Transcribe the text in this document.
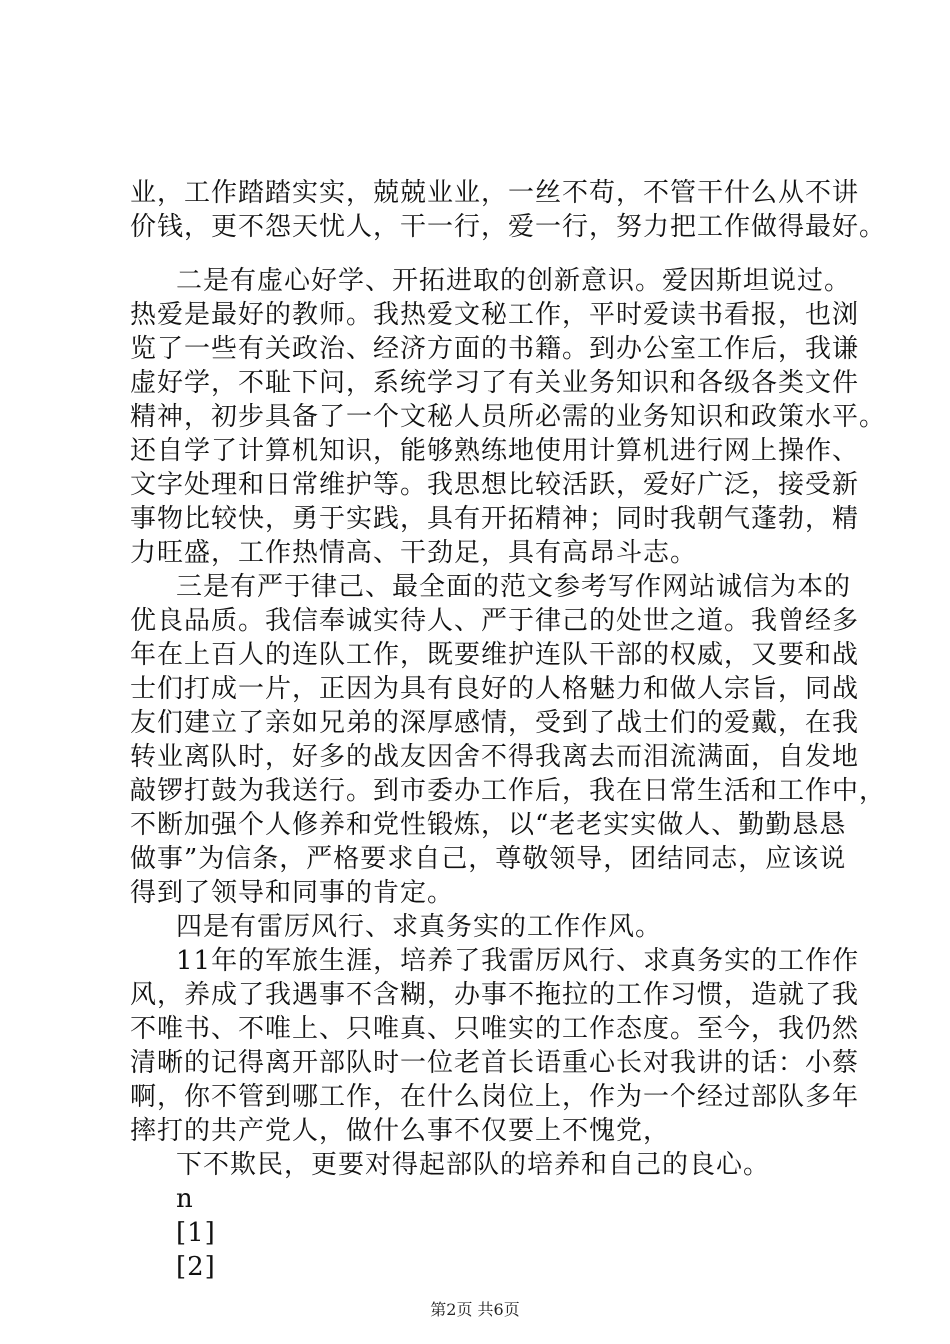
业，工作踏踏实实，兢兢业业，一丝不苟，不管干什么从不讲
价钱，更不怨天忧人，干一行，爱一行，努力把工作做得最好。
二是有虚心好学、开拓进取的创新意识。爱因斯坦说过。
热爱是最好的教师。我热爱文秘工作，平时爱读书看报，也浏
览了一些有关政治、经济方面的书籍。到办公室工作后，我谦
虚好学，不耻下问，系统学习了有关业务知识和各级各类文件
精神，初步具备了一个文秘人员所必需的业务知识和政策水平。
还自学了计算机知识，能够熟练地使用计算机进行网上操作、
文字处理和日常维护等。我思想比较活跃，爱好广泛，接受新
事物比较快，勇于实践，具有开拓精神；同时我朝气蓬勃，精
力旺盛，工作热情高、干劲足，具有高昂斗志。
三是有严于律己、最全面的范文参考写作网站诚信为本的
优良品质。我信奉诚实待人、严于律己的处世之道。我曾经多
年在上百人的连队工作，既要维护连队干部的权威，又要和战
士们打成一片，正因为具有良好的人格魅力和做人宗旨，同战
友们建立了亲如兄弟的深厚感情，受到了战士们的爱戴，在我
转业离队时，好多的战友因舍不得我离去而泪流满面，自发地
敲锣打鼓为我送行。到市委办工作后，我在日常生活和工作中，
不断加强个人修养和党性锻炼，以“老老实实做人、勤勤恳恳
做事”为信条，严格要求自己，尊敬领导，团结同志，应该说
得到了领导和同事的肯定。
四是有雷厉风行、求真务实的工作作风。
11年的军旅生涯，培养了我雷厉风行、求真务实的工作作
风，养成了我遇事不含糊，办事不拖拉的工作习惯，造就了我
不唯书、不唯上、只唯真、只唯实的工作态度。至今，我仍然
清晰的记得离开部队时一位老首长语重心长对我讲的话：小蔡
啊，你不管到哪工作，在什么岗位上，作为一个经过部队多年
摔打的共产党人，做什么事不仅要上不愧党，
下不欺民，更要对得起部队的培养和自己的良心。
n
[1]
[2]
第2页 共6页
